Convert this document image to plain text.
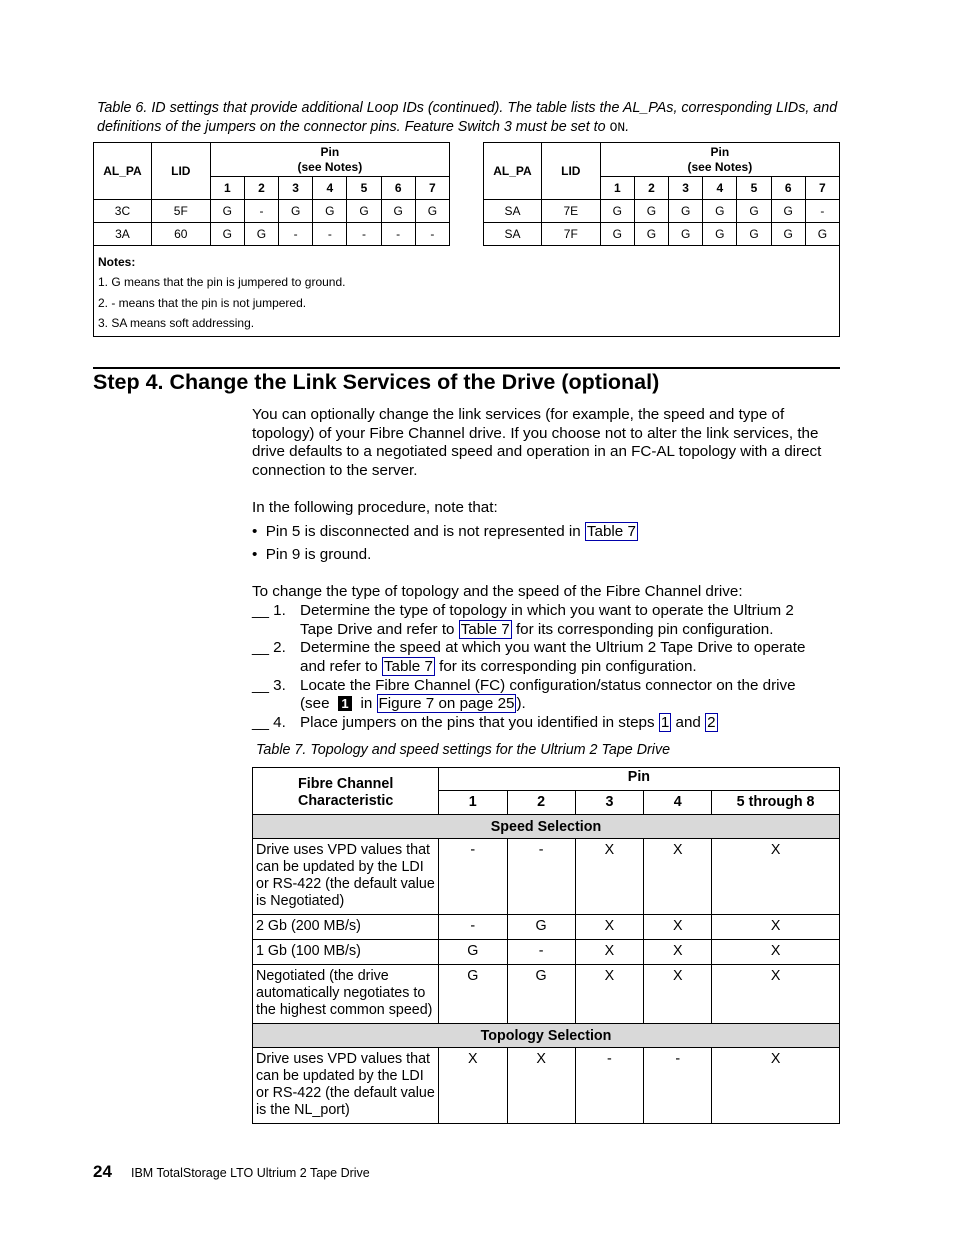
Table 6. ID settings that provide additional Loop IDs (continued). The table lists the AL_PAs, corresponding LIDs, and definitions of the jumpers on the connector pins. Feature Switch 3 must be set to ON.
AL_PA	LID	Pin
(see Notes)						
		1	2	3	4	5	6	7
3C	5F	G	-	G	G	G	G	G
3A	60	G	G	-	-	-	-	-
AL_PA	LID	Pin
(see Notes)						
		1	2	3	4	5	6	7
SA	7E	G	G	G	G	G	G	-
SA	7F	G	G	G	G	G	G	G
Notes:
1. G means that the pin is jumpered to ground.
2. - means that the pin is not jumpered.
3. SA means soft addressing.
Step 4. Change the Link Services of the Drive (optional)
You can optionally change the link services (for example, the speed and type of topology) of your Fibre Channel drive. If you choose not to alter the link services, the drive defaults to a negotiated speed and operation in an FC-AL topology with a direct connection to the server.
In the following procedure, note that:
•  Pin 5 is disconnected and is not represented in Table 7
•  Pin 9 is ground.
To change the type of topology and the speed of the Fibre Channel drive:
__ 1. Determine the type of topology in which you want to operate the Ultrium 2
Tape Drive and refer to Table 7 for its corresponding pin configuration.
__ 2. Determine the speed at which you want the Ultrium 2 Tape Drive to operate
and refer to Table 7 for its corresponding pin configuration.
__ 3. Locate the Fibre Channel (FC) configuration/status connector on the drive
(see 1 in Figure 7 on page 25 ).
__ 4. Place jumpers on the pins that you identified in steps 1 and 2
Table 7. Topology and speed settings for the Ultrium 2 Tape Drive
Fibre Channel Characteristic	Pin				
	1	2	3	4	5 through 8
Speed Selection					
Drive uses VPD values that can be updated by the LDI or RS-422 (the default value is Negotiated)	-	-	X	X	X
2 Gb (200 MB/s)	-	G	X	X	X
1 Gb (100 MB/s)	G	-	X	X	X
Negotiated (the drive automatically negotiates to the highest common speed)	G	G	X	X	X
Topology Selection					
Drive uses VPD values that can be updated by the LDI or RS-422 (the default value is the NL_port)	X	X	-	-	X
24 IBM TotalStorage LTO Ultrium 2 Tape Drive
